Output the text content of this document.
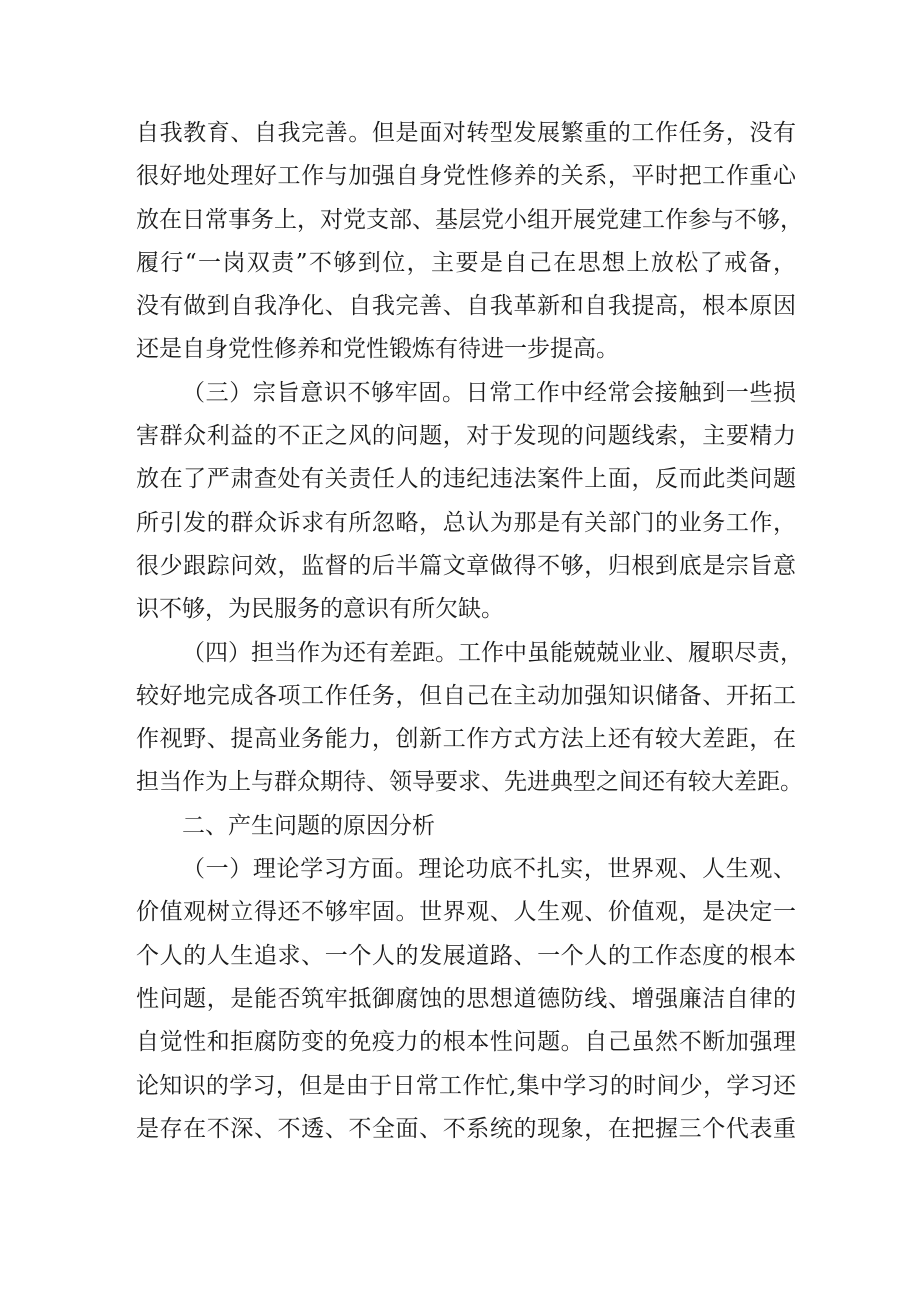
自我教育、自我完善。但是面对转型发展繁重的工作任务，没有
很好地处理好工作与加强自身党性修养的关系，平时把工作重心
放在日常事务上，对党支部、基层党小组开展党建工作参与不够，
履行“一岗双责”不够到位，主要是自己在思想上放松了戒备，
没有做到自我净化、自我完善、自我革新和自我提高，根本原因
还是自身党性修养和党性锻炼有待进一步提高。
（三）宗旨意识不够牢固。日常工作中经常会接触到一些损
害群众利益的不正之风的问题，对于发现的问题线索，主要精力
放在了严肃查处有关责任人的违纪违法案件上面，反而此类问题
所引发的群众诉求有所忽略，总认为那是有关部门的业务工作，
很少跟踪问效，监督的后半篇文章做得不够，归根到底是宗旨意
识不够，为民服务的意识有所欠缺。
（四）担当作为还有差距。工作中虽能兢兢业业、履职尽责，
较好地完成各项工作任务，但自己在主动加强知识储备、开拓工
作视野、提高业务能力，创新工作方式方法上还有较大差距，在
担当作为上与群众期待、领导要求、先进典型之间还有较大差距。
二、产生问题的原因分析
（一）理论学习方面。理论功底不扎实，世界观、人生观、
价值观树立得还不够牢固。世界观、人生观、价值观，是决定一
个人的人生追求、一个人的发展道路、一个人的工作态度的根本
性问题，是能否筑牢抵御腐蚀的思想道德防线、增强廉洁自律的
自觉性和拒腐防变的免疫力的根本性问题。自己虽然不断加强理
论知识的学习，但是由于日常工作忙,集中学习的时间少，学习还
是存在不深、不透、不全面、不系统的现象，在把握三个代表重
